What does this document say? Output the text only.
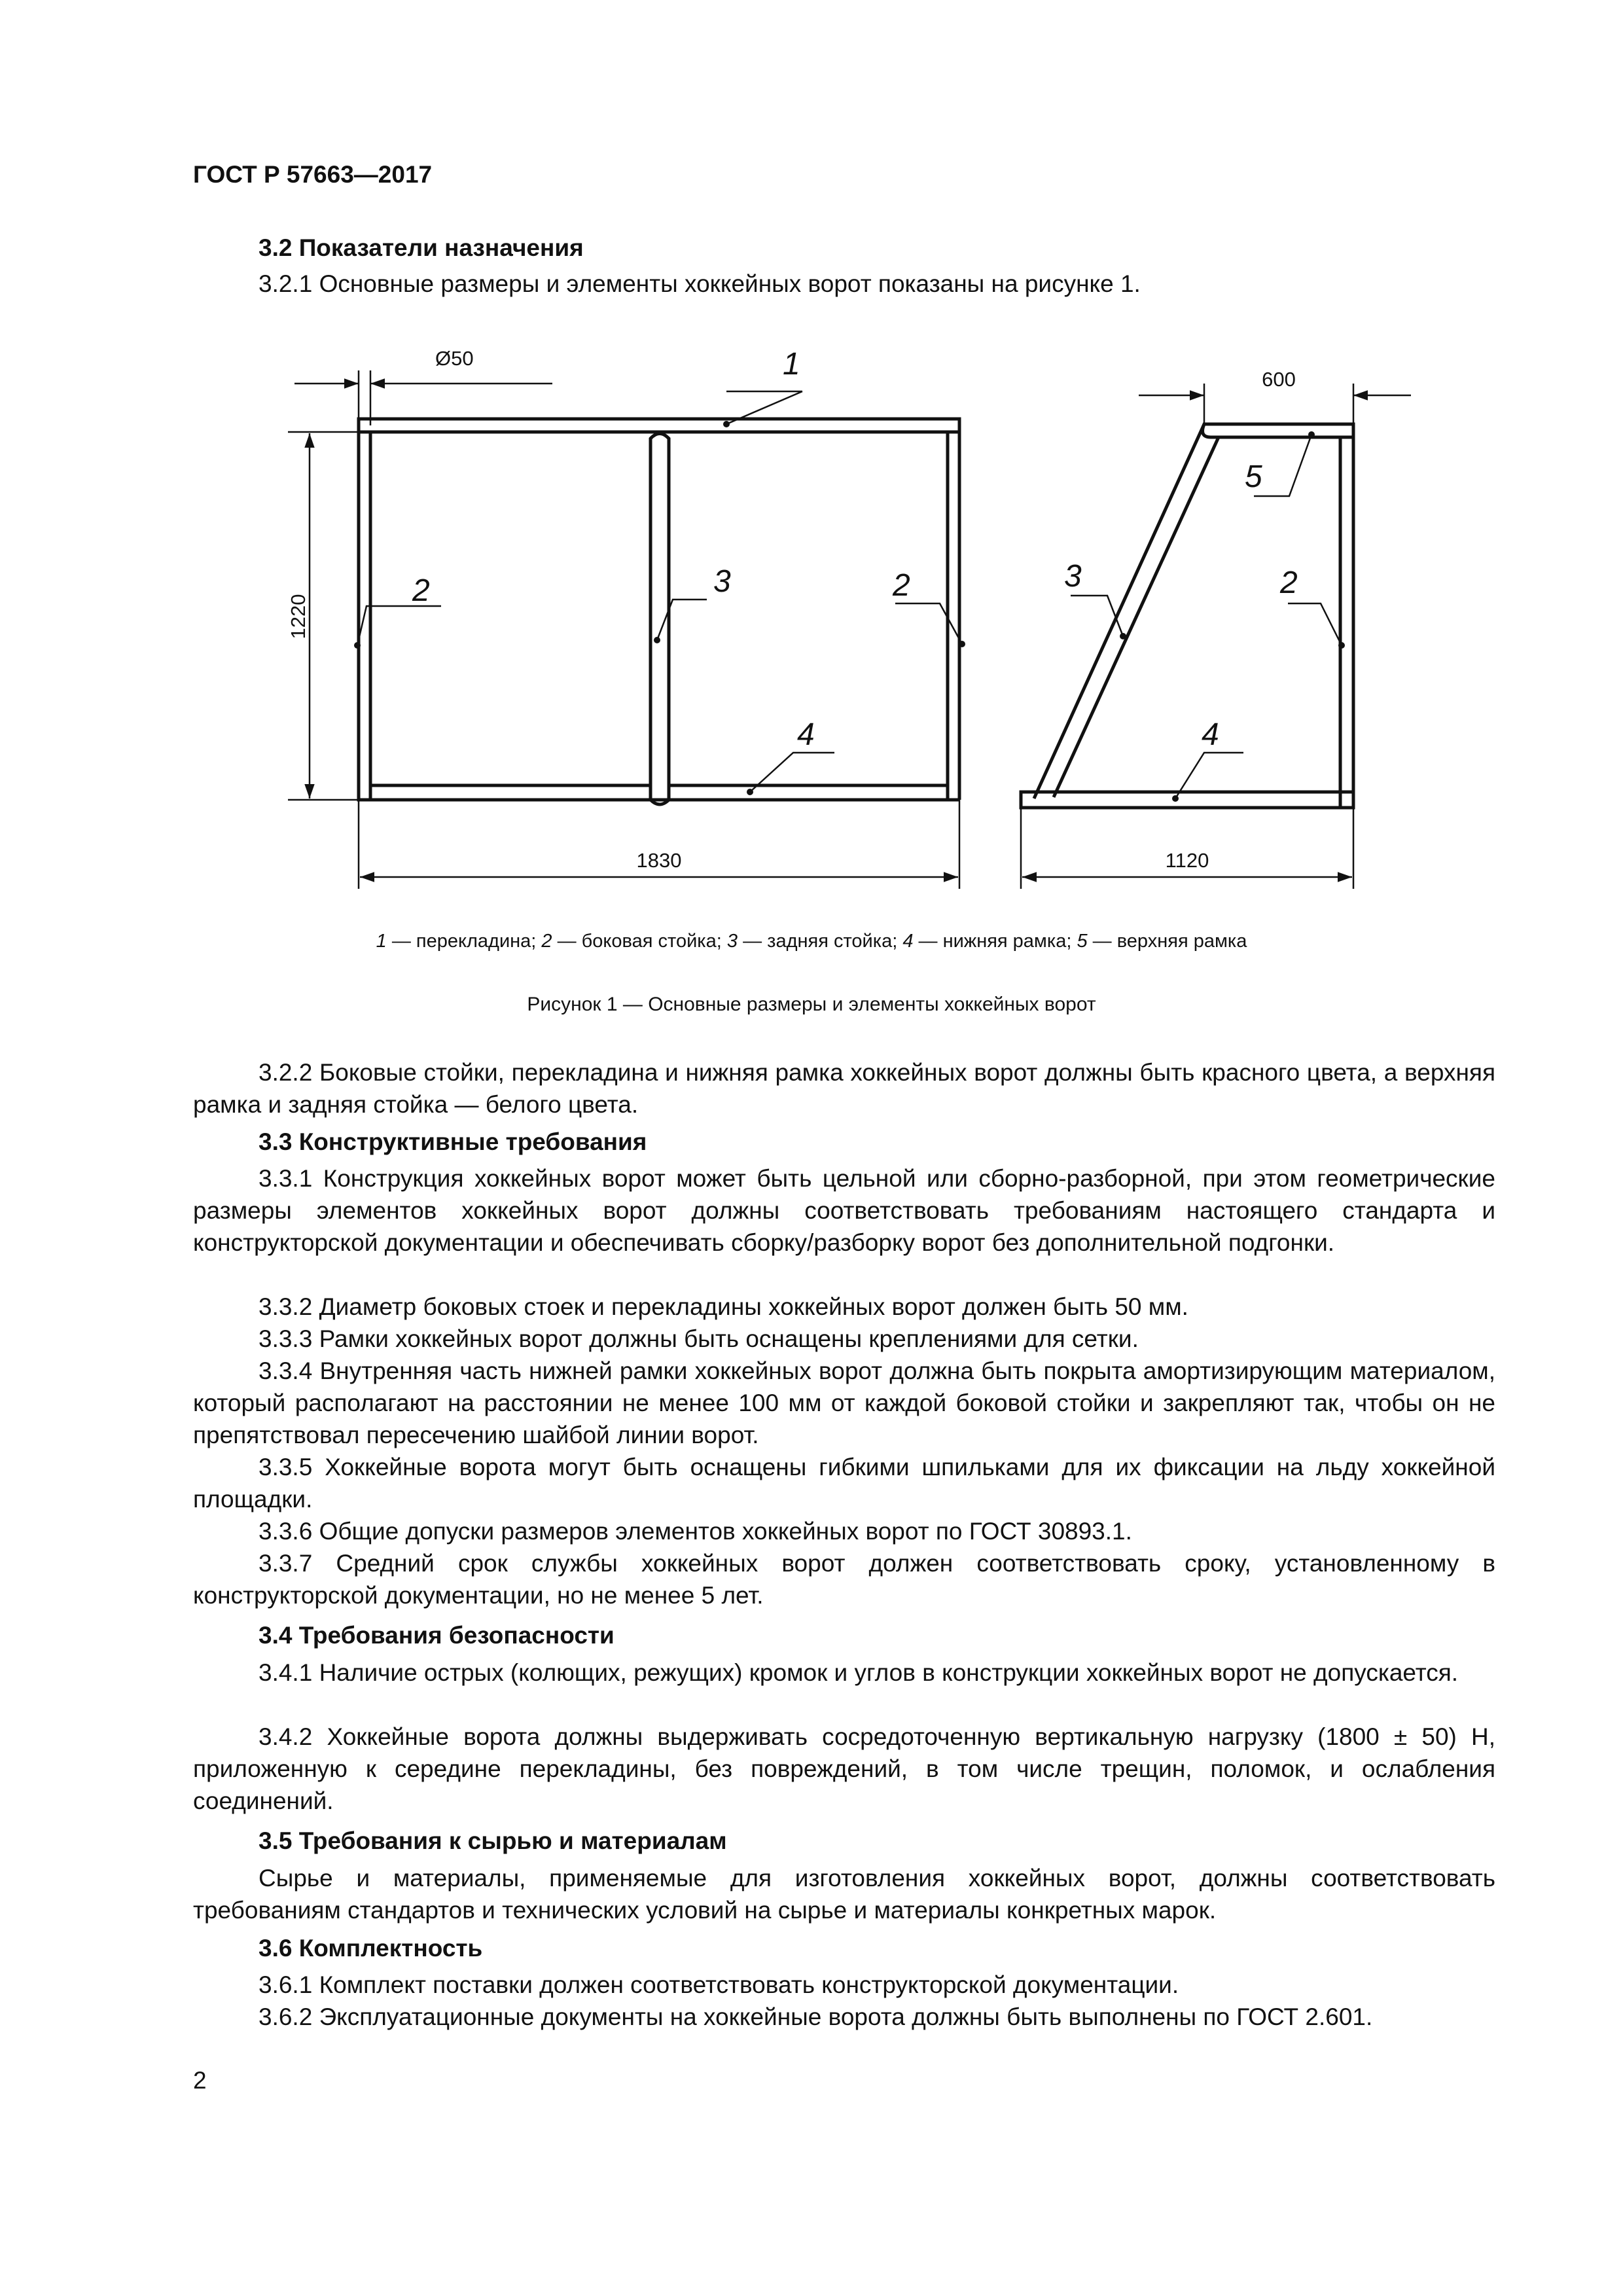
ГОСТ Р 57663—2017
3.2 Показатели назначения
3.2.1 Основные размеры и элементы хоккейных ворот показаны на рисунке 1.
Ø50
1220
1830
600
1120
1
2	3	2
4
5
3	2
4
1 — перекладина; 2 — боковая стойка; 3 — задняя стойка; 4 — нижняя рамка; 5 — верхняя рамка
Рисунок 1 — Основные размеры и элементы хоккейных ворот

3.2.2 Боковые стойки, перекладина и нижняя рамка хоккейных ворот должны быть красного цвета, а верхняя рамка и задняя стойка — белого цвета.

3.3 Конструктивные требования

3.3.1 Конструкция хоккейных ворот может быть цельной или сборно-разборной, при этом геометрические размеры элементов хоккейных ворот должны соответствовать требованиям настоящего стандарта и конструкторской документации и обеспечивать сборку/разборку ворот без дополнительной подгонки.

3.3.2 Диаметр боковых стоек и перекладины хоккейных ворот должен быть 50 мм.
3.3.3 Рамки хоккейных ворот должны быть оснащены креплениями для сетки.

3.3.4 Внутренняя часть нижней рамки хоккейных ворот должна быть покрыта амортизирующим материалом, который располагают на расстоянии не менее 100 мм от каждой боковой стойки и закрепляют так, чтобы он не препятствовал пересечению шайбой линии ворот.

3.3.5 Хоккейные ворота могут быть оснащены гибкими шпильками для их фиксации на льду хоккейной площадки.

3.3.6 Общие допуски размеров элементов хоккейных ворот по ГОСТ 30893.1.

3.3.7 Средний срок службы хоккейных ворот должен соответствовать сроку, установленному в конструкторской документации, но не менее 5 лет.

3.4 Требования безопасности

3.4.1 Наличие острых (колющих, режущих) кромок и углов в конструкции хоккейных ворот не допускается.

3.4.2 Хоккейные ворота должны выдерживать сосредоточенную вертикальную нагрузку (1800 ± 50) Н, приложенную к середине перекладины, без повреждений, в том числе трещин, поломок, и ослабления соединений.

3.5 Требования к сырью и материалам

Сырье и материалы, применяемые для изготовления хоккейных ворот, должны соответствовать требованиям стандартов и технических условий на сырье и материалы конкретных марок.

3.6 Комплектность
3.6.1 Комплект поставки должен соответствовать конструкторской документации.
3.6.2 Эксплуатационные документы на хоккейные ворота должны быть выполнены по ГОСТ 2.601.
2
